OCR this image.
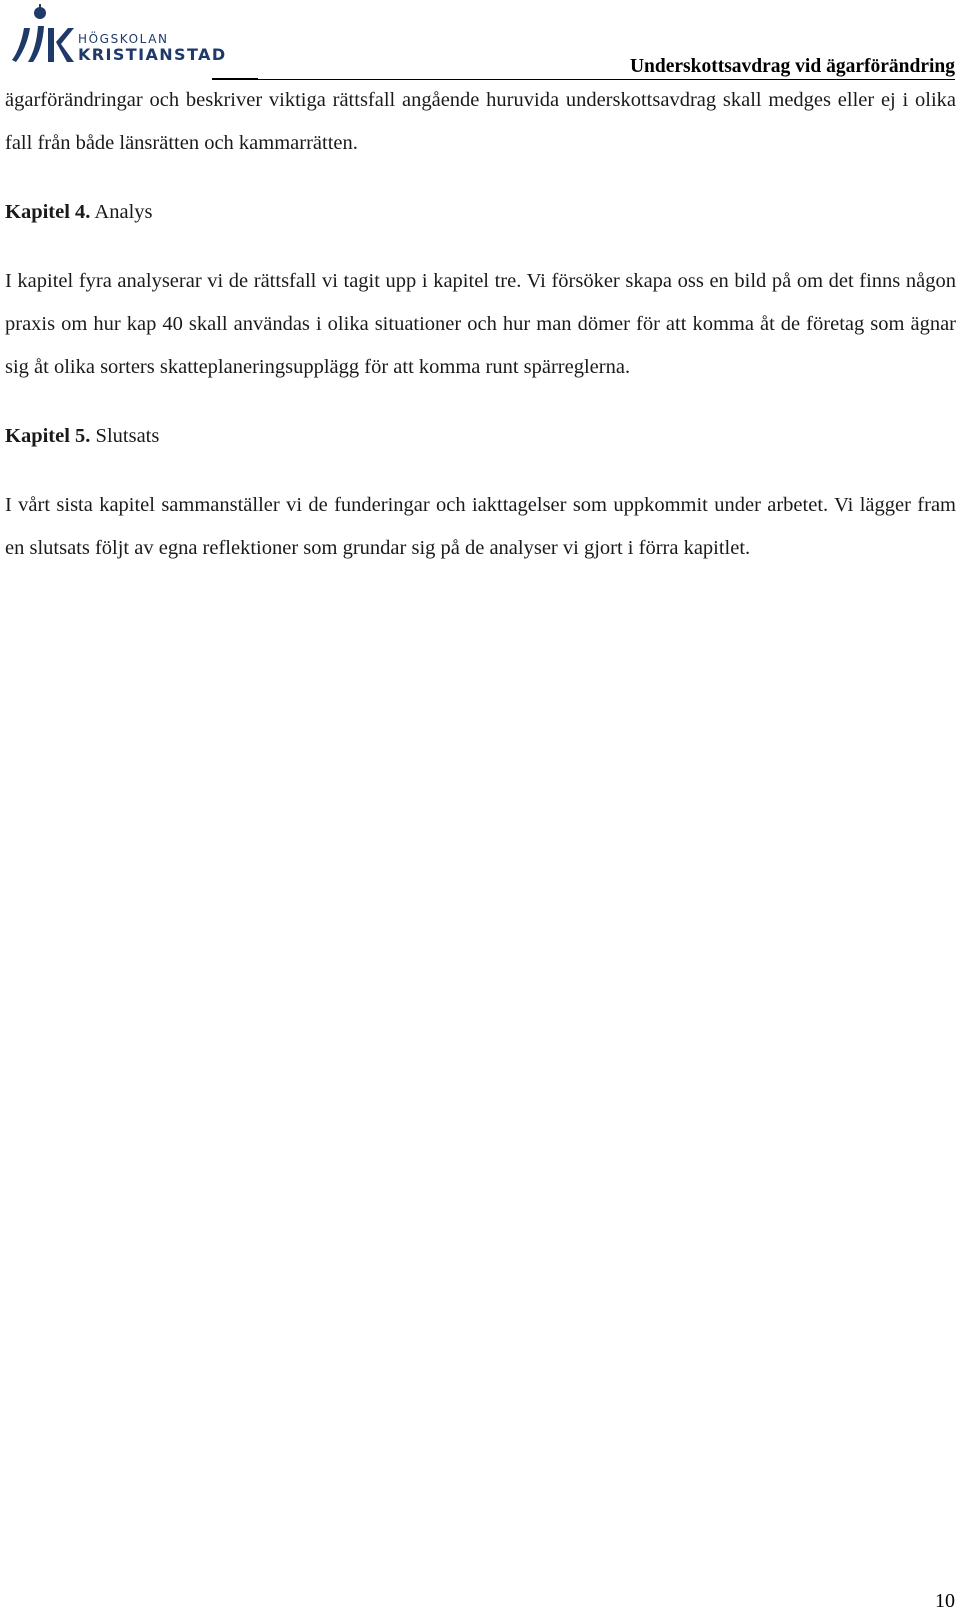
HÖGSKOLAN
KRISTIANSTAD
Underskottsavdrag vid ägarförändring

ägarförändringar och beskriver viktiga rättsfall angående huruvida underskottsavdrag skall medges eller ej i olika fall från både länsrätten och kammarrätten.

Kapitel 4. Analys

I kapitel fyra analyserar vi de rättsfall vi tagit upp i kapitel tre. Vi försöker skapa oss en bild på om det finns någon praxis om hur kap 40 skall användas i olika situationer och hur man dömer för att komma åt de företag som ägnar sig åt olika sorters skatteplaneringsupplägg för att komma runt spärreglerna.

Kapitel 5. Slutsats

I vårt sista kapitel sammanställer vi de funderingar och iakttagelser som uppkommit under arbetet. Vi lägger fram en slutsats följt av egna reflektioner som grundar sig på de analyser vi gjort i förra kapitlet.

10
